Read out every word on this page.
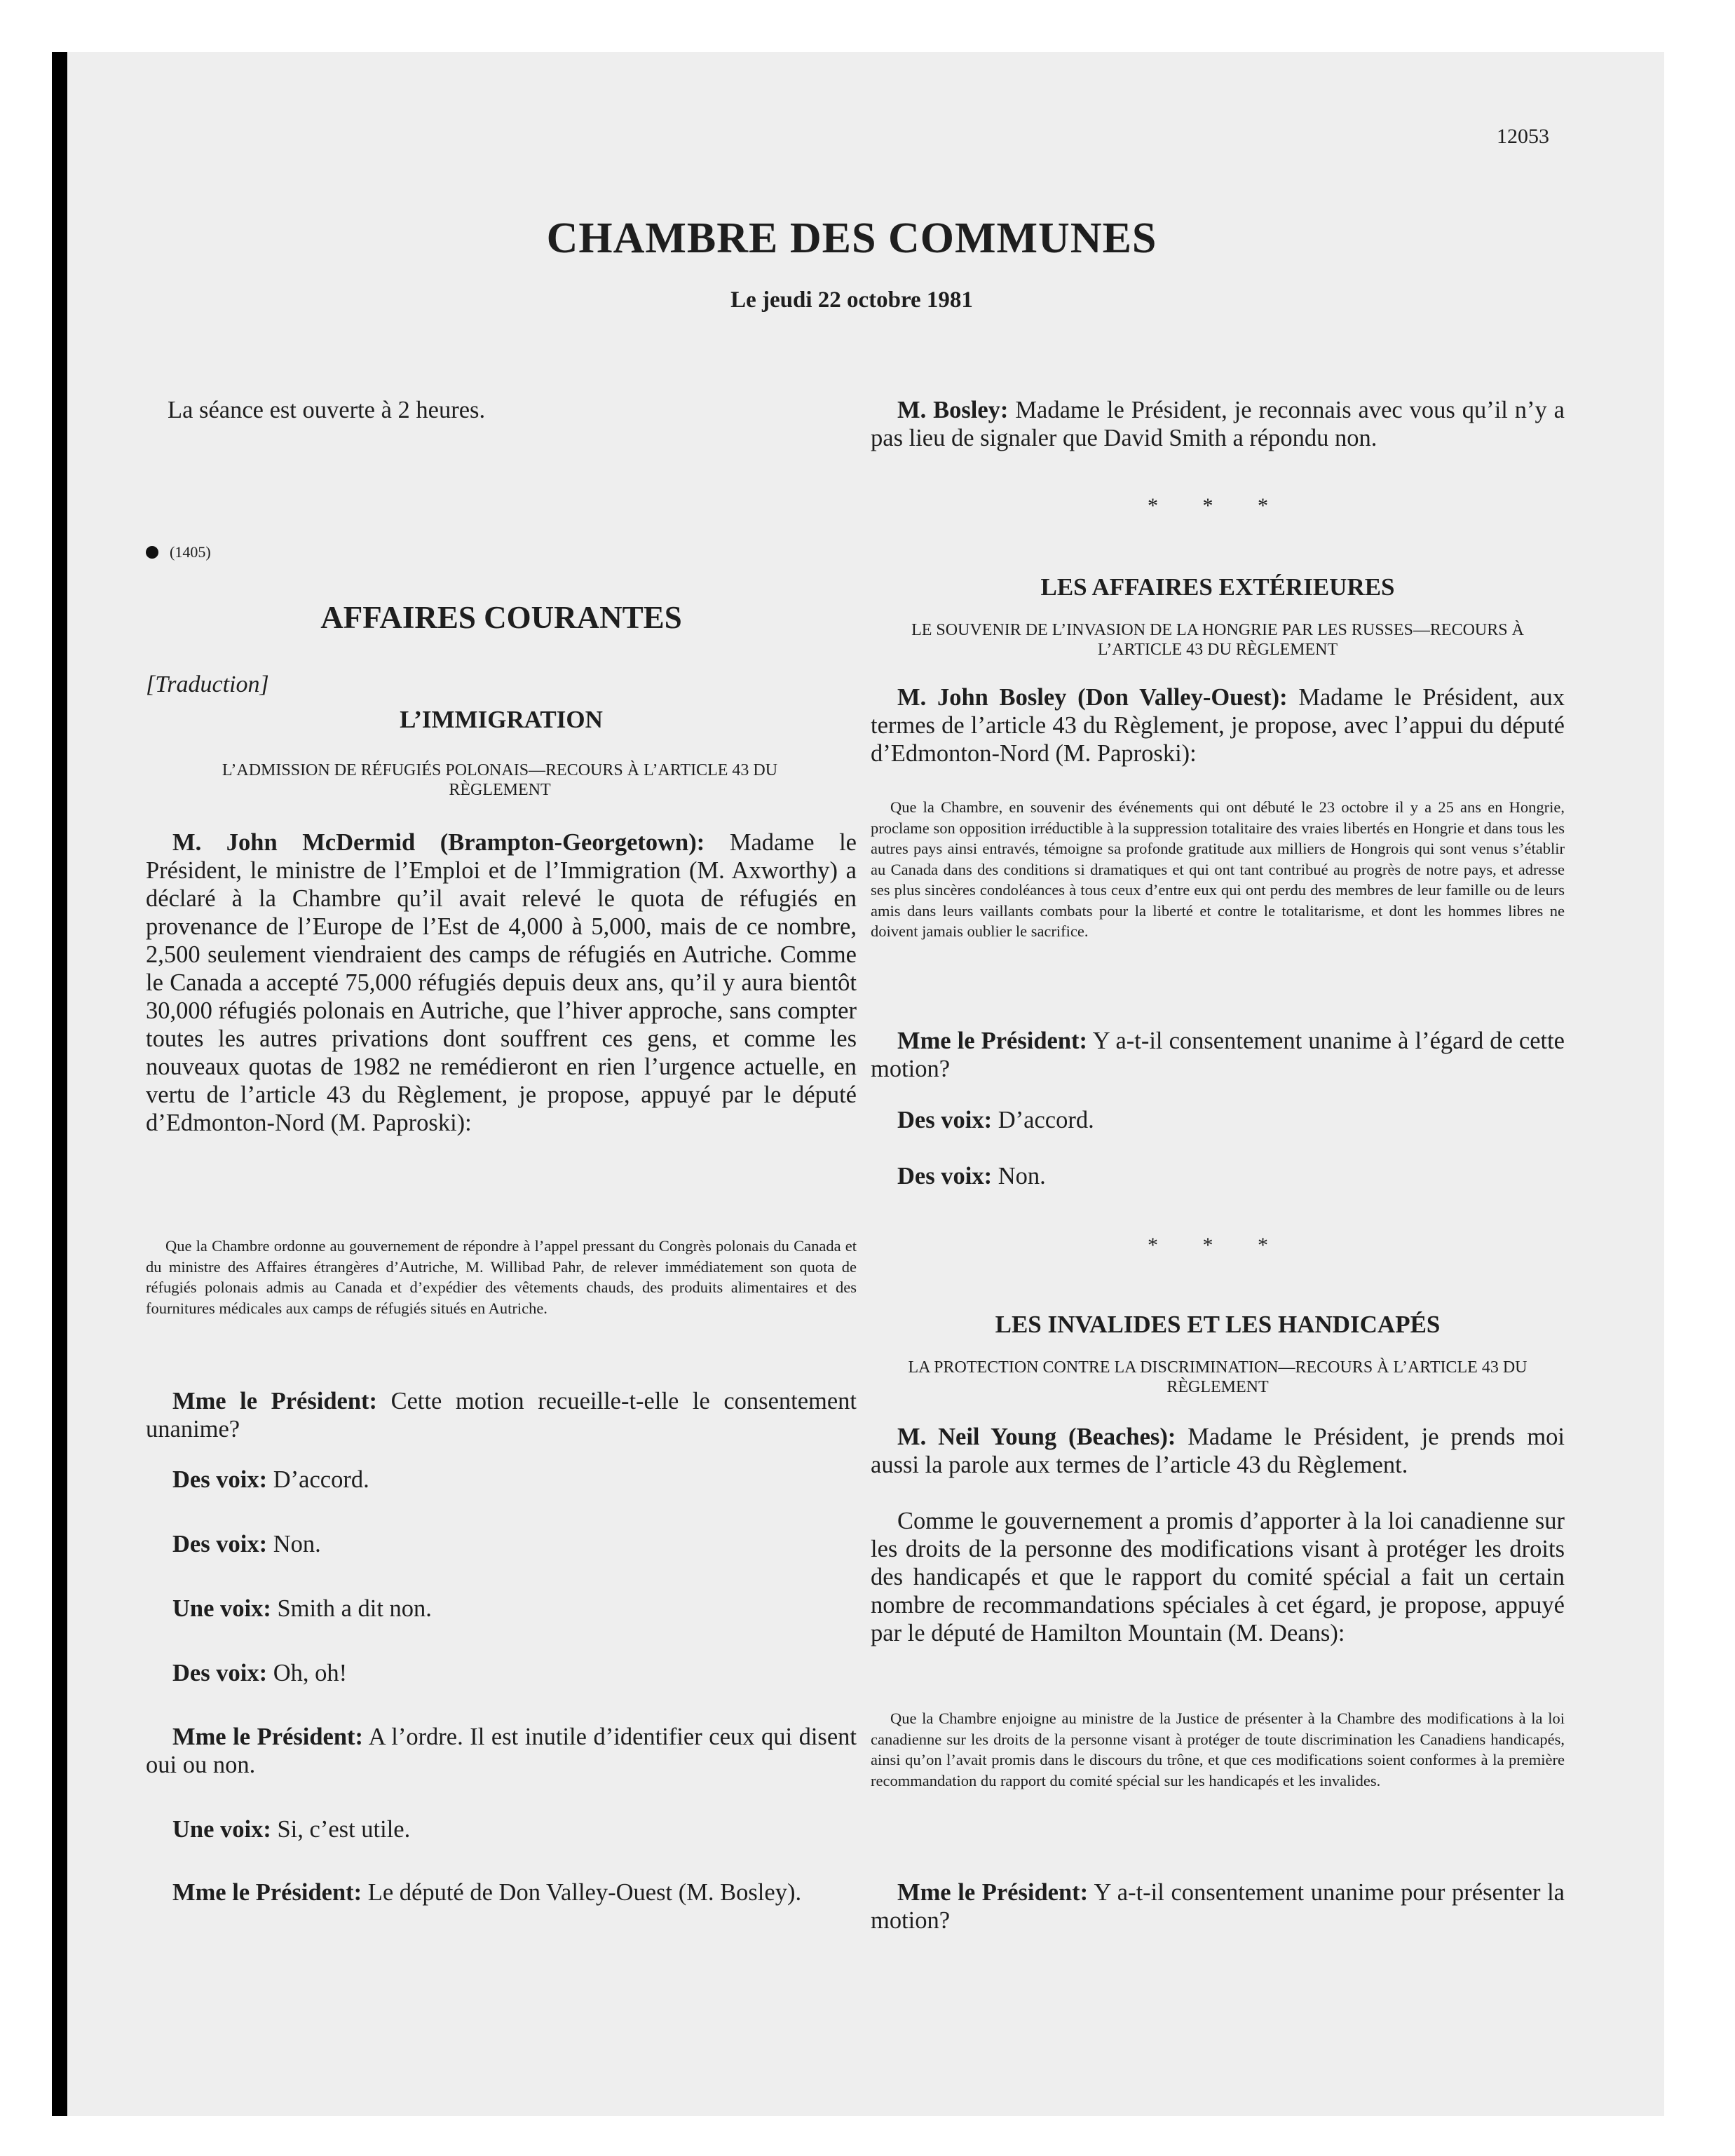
12053
CHAMBRE DES COMMUNES
Le jeudi 22 octobre 1981
La séance est ouverte à 2 heures.
(1405)
AFFAIRES COURANTES
[Traduction]
L’IMMIGRATION
L’ADMISSION DE RÉFUGIÉS POLONAIS—RECOURS À L’ARTICLE 43 DU RÈGLEMENT
M. John McDermid (Brampton-Georgetown): Madame le Président, le ministre de l’Emploi et de l’Immigration (M. Axworthy) a déclaré à la Chambre qu’il avait relevé le quota de réfugiés en provenance de l’Europe de l’Est de 4,000 à 5,000, mais de ce nombre, 2,500 seulement viendraient des camps de réfugiés en Autriche. Comme le Canada a accepté 75,000 réfugiés depuis deux ans, qu’il y aura bientôt 30,000 réfugiés polonais en Autriche, que l’hiver approche, sans compter toutes les autres privations dont souffrent ces gens, et comme les nouveaux quotas de 1982 ne remédieront en rien l’urgence actuelle, en vertu de l’article 43 du Règlement, je propose, appuyé par le député d’Edmonton-Nord (M. Paproski):
Que la Chambre ordonne au gouvernement de répondre à l’appel pressant du Congrès polonais du Canada et du ministre des Affaires étrangères d’Autriche, M. Willibad Pahr, de relever immédiatement son quota de réfugiés polonais admis au Canada et d’expédier des vêtements chauds, des produits alimentaires et des fournitures médicales aux camps de réfugiés situés en Autriche.
Mme le Président: Cette motion recueille-t-elle le consentement unanime?
Des voix: D’accord.
Des voix: Non.
Une voix: Smith a dit non.
Des voix: Oh, oh!
Mme le Président: A l’ordre. Il est inutile d’identifier ceux qui disent oui ou non.
Une voix: Si, c’est utile.
Mme le Président: Le député de Don Valley-Ouest (M. Bosley).
M. Bosley: Madame le Président, je reconnais avec vous qu’il n’y a pas lieu de signaler que David Smith a répondu non.
* * *
LES AFFAIRES EXTÉRIEURES
LE SOUVENIR DE L’INVASION DE LA HONGRIE PAR LES RUSSES—RECOURS À L’ARTICLE 43 DU RÈGLEMENT
M. John Bosley (Don Valley-Ouest): Madame le Président, aux termes de l’article 43 du Règlement, je propose, avec l’appui du député d’Edmonton-Nord (M. Paproski):
Que la Chambre, en souvenir des événements qui ont débuté le 23 octobre il y a 25 ans en Hongrie, proclame son opposition irréductible à la suppression totalitaire des vraies libertés en Hongrie et dans tous les autres pays ainsi entravés, témoigne sa profonde gratitude aux milliers de Hongrois qui sont venus s’établir au Canada dans des conditions si dramatiques et qui ont tant contribué au progrès de notre pays, et adresse ses plus sincères condoléances à tous ceux d’entre eux qui ont perdu des membres de leur famille ou de leurs amis dans leurs vaillants combats pour la liberté et contre le totalitarisme, et dont les hommes libres ne doivent jamais oublier le sacrifice.
Mme le Président: Y a-t-il consentement unanime à l’égard de cette motion?
Des voix: D’accord.
Des voix: Non.
* * *
LES INVALIDES ET LES HANDICAPÉS
LA PROTECTION CONTRE LA DISCRIMINATION—RECOURS À L’ARTICLE 43 DU RÈGLEMENT
M. Neil Young (Beaches): Madame le Président, je prends moi aussi la parole aux termes de l’article 43 du Règlement.
Comme le gouvernement a promis d’apporter à la loi canadienne sur les droits de la personne des modifications visant à protéger les droits des handicapés et que le rapport du comité spécial a fait un certain nombre de recommandations spéciales à cet égard, je propose, appuyé par le député de Hamilton Mountain (M. Deans):
Que la Chambre enjoigne au ministre de la Justice de présenter à la Chambre des modifications à la loi canadienne sur les droits de la personne visant à protéger de toute discrimination les Canadiens handicapés, ainsi qu’on l’avait promis dans le discours du trône, et que ces modifications soient conformes à la première recommandation du rapport du comité spécial sur les handicapés et les invalides.
Mme le Président: Y a-t-il consentement unanime pour présenter la motion?
